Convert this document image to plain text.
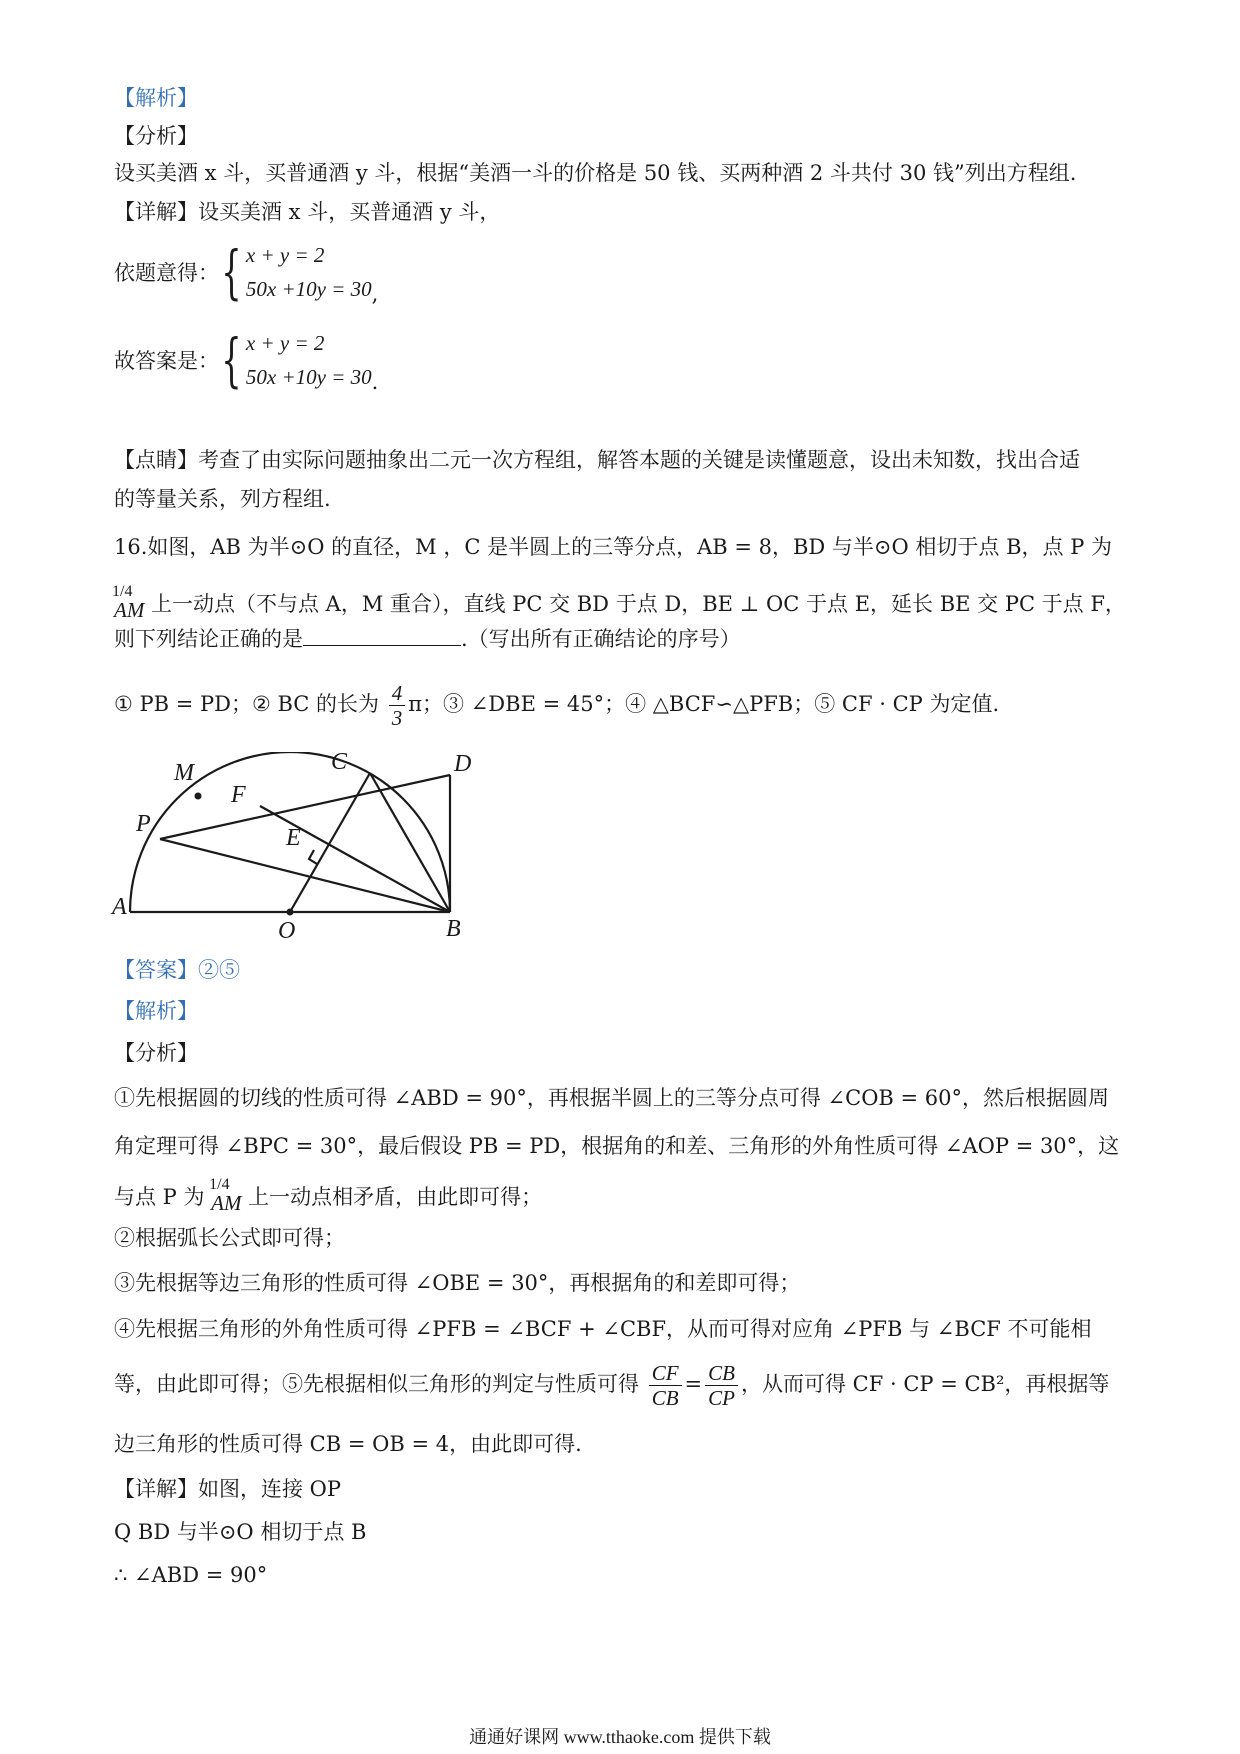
【解析】
【分析】
设买美酒 x 斗，买普通酒 y 斗，根据“美酒一斗的价格是 50 钱、买两种酒 2 斗共付 30 钱”列出方程组.
【详解】设买美酒 x 斗，买普通酒 y 斗，
依题意得： { x + y = 2
50x +10y = 30 ,
故答案是： { x + y = 2
50x +10y = 30 .
【点睛】考查了由实际问题抽象出二元一次方程组，解答本题的关键是读懂题意，设出未知数，找出合适
的等量关系，列方程组.
16.如图，AB 为半⊙O 的直径，M ，C 是半圆上的三等分点，AB = 8，BD 与半⊙O 相切于点 B，点 P 为
1/4
AM 上一动点（不与点 A，M 重合），直线 PC 交 BD 于点 D，BE ⊥ OC 于点 E，延长 BE 交 PC 于点 F，
则下列结论正确的是	.（写出所有正确结论的序号）
① PB = PD；② BC 的长为 $\frac{4}{3}$ π；③ ∠DBE = 45°；④ △BCF∽△PFB；⑤ CF · CP 为定值.
M	C	D
F
P
E
A
O	B
【答案】②⑤
【解析】
【分析】
①先根据圆的切线的性质可得 ∠ABD = 90°，再根据半圆上的三等分点可得 ∠COB = 60°，然后根据圆周
角定理可得 ∠BPC = 30°，最后假设 PB = PD，根据角的和差、三角形的外角性质可得 ∠AOP = 30°，这
与点 P 为
1/4
AM 上一动点相矛盾，由此即可得；
②根据弧长公式即可得；
③先根据等边三角形的性质可得 ∠OBE = 30°，再根据角的和差即可得；
④先根据三角形的外角性质可得 ∠PFB = ∠BCF + ∠CBF，从而可得对应角 ∠PFB 与 ∠BCF 不可能相
等，由此即可得；⑤先根据相似三角形的判定与性质可得 $\frac{CF}{CB} = \frac{CB}{CP}$ ，从而可得 CF · CP = CB²，再根据等
边三角形的性质可得 CB = OB = 4，由此即可得.
【详解】如图，连接 OP
Q BD 与半⊙O 相切于点 B
∴ ∠ABD = 90°
通通好课网 www.tthaoke.com 提供下载
